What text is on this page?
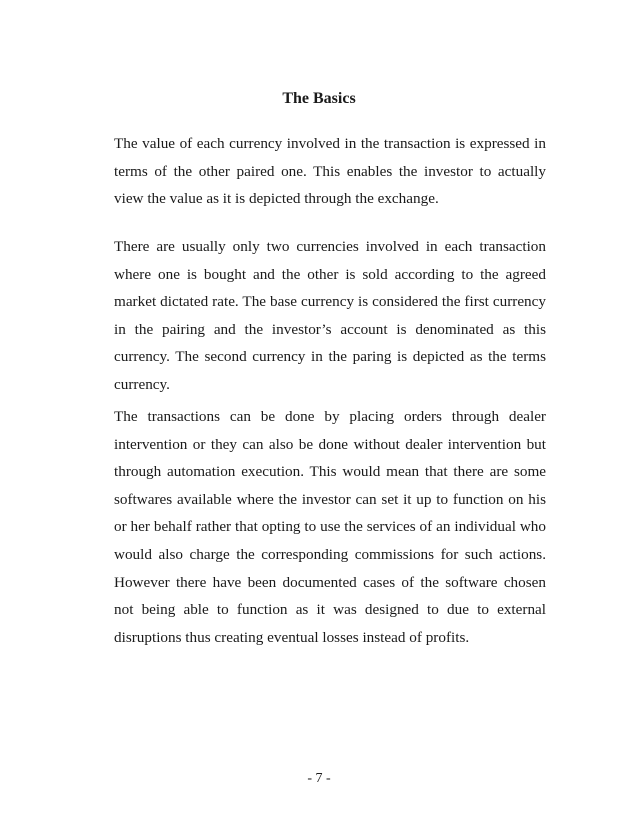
The Basics

The value of each currency involved in the transaction is expressed in terms of the other paired one. This enables the investor to actually view the value as it is depicted through the exchange.

There are usually only two currencies involved in each transaction where one is bought and the other is sold according to the agreed market dictated rate. The base currency is considered the first currency in the pairing and the investor’s account is denominated as this currency. The second currency in the paring is depicted as the terms currency.

The transactions can be done by placing orders through dealer intervention or they can also be done without dealer intervention but through automation execution. This would mean that there are some softwares available where the investor can set it up to function on his or her behalf rather that opting to use the services of an individual who would also charge the corresponding commissions for such actions. However there have been documented cases of the software chosen not being able to function as it was designed to due to external disruptions thus creating eventual losses instead of profits.

- 7 -
